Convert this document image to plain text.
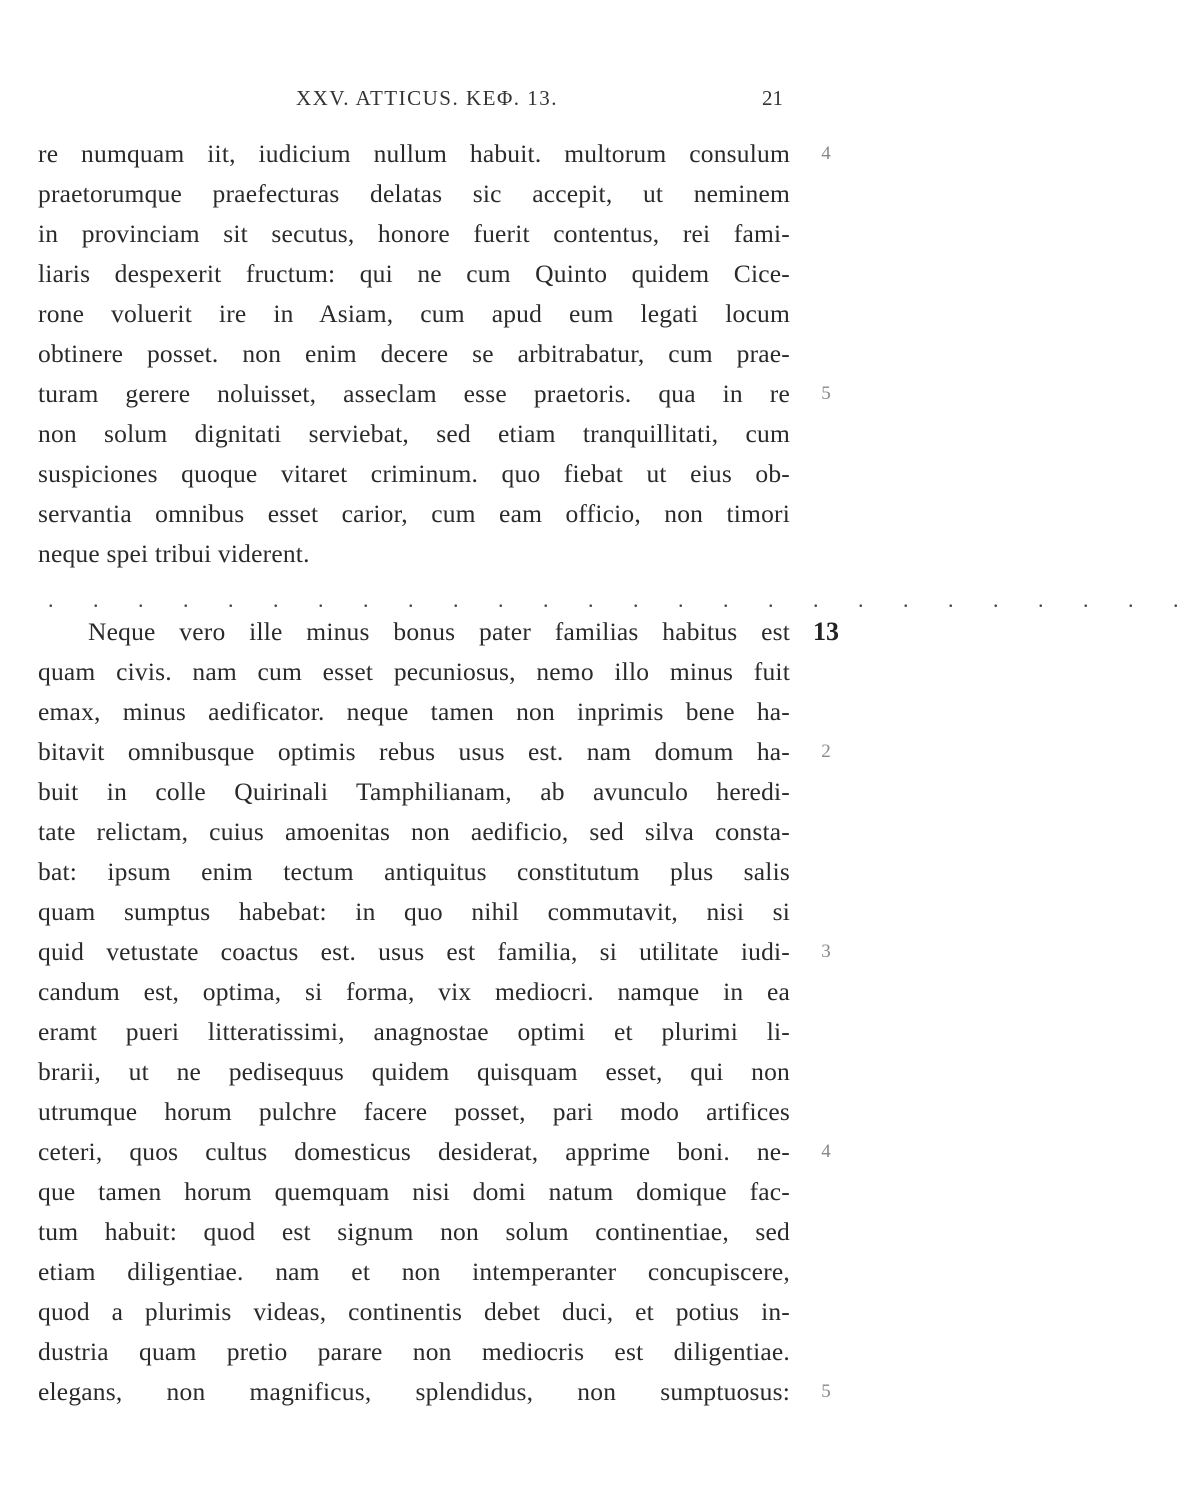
XXV. ATTICUS. ΚΕΦ. 13.	21
re numquam iit, iudicium nullum habuit. multorum consulum	4
praetorumque praefecturas delatas sic accepit, ut neminem
in provinciam sit secutus, honore fuerit contentus, rei fami-
liaris despexerit fructum: qui ne cum Quinto quidem Cice-
rone voluerit ire in Asiam, cum apud eum legati locum
obtinere posset. non enim decere se arbitrabatur, cum prae-
turam gerere noluisset, asseclam esse praetoris. qua in re	5
non solum dignitati serviebat, sed etiam tranquillitati, cum
suspiciones quoque vitaret criminum. quo fiebat ut eius ob-
servantia omnibus esset carior, cum eam officio, non timori
neque spei tribui viderent.
. . . . . . . . . . . . . . . . . . . . . . . . . .
Neque vero ille minus bonus pater familias habitus est 13
quam civis. nam cum esset pecuniosus, nemo illo minus fuit
emax, minus aedificator. neque tamen non inprimis bene ha-
bitavit omnibusque optimis rebus usus est. nam domum ha-	2
buit in colle Quirinali Tamphilianam, ab avunculo heredi-
tate relictam, cuius amoenitas non aedificio, sed silva consta-
bat: ipsum enim tectum antiquitus constitutum plus salis
quam sumptus habebat: in quo nihil commutavit, nisi si
quid vetustate coactus est. usus est familia, si utilitate iudi-	3
candum est, optima, si forma, vix mediocri. namque in ea
eramt pueri litteratissimi, anagnostae optimi et plurimi li-
brarii, ut ne pedisequus quidem quisquam esset, qui non
utrumque horum pulchre facere posset, pari modo artifices
ceteri, quos cultus domesticus desiderat, apprime boni. ne-	4
que tamen horum quemquam nisi domi natum domique fac-
tum habuit: quod est signum non solum continentiae, sed
etiam diligentiae. nam et non intemperanter concupiscere,
quod a plurimis videas, continentis debet duci, et potius in-
dustria quam pretio parare non mediocris est diligentiae.
elegans, non magnificus, splendidus, non sumptuosus:	5
